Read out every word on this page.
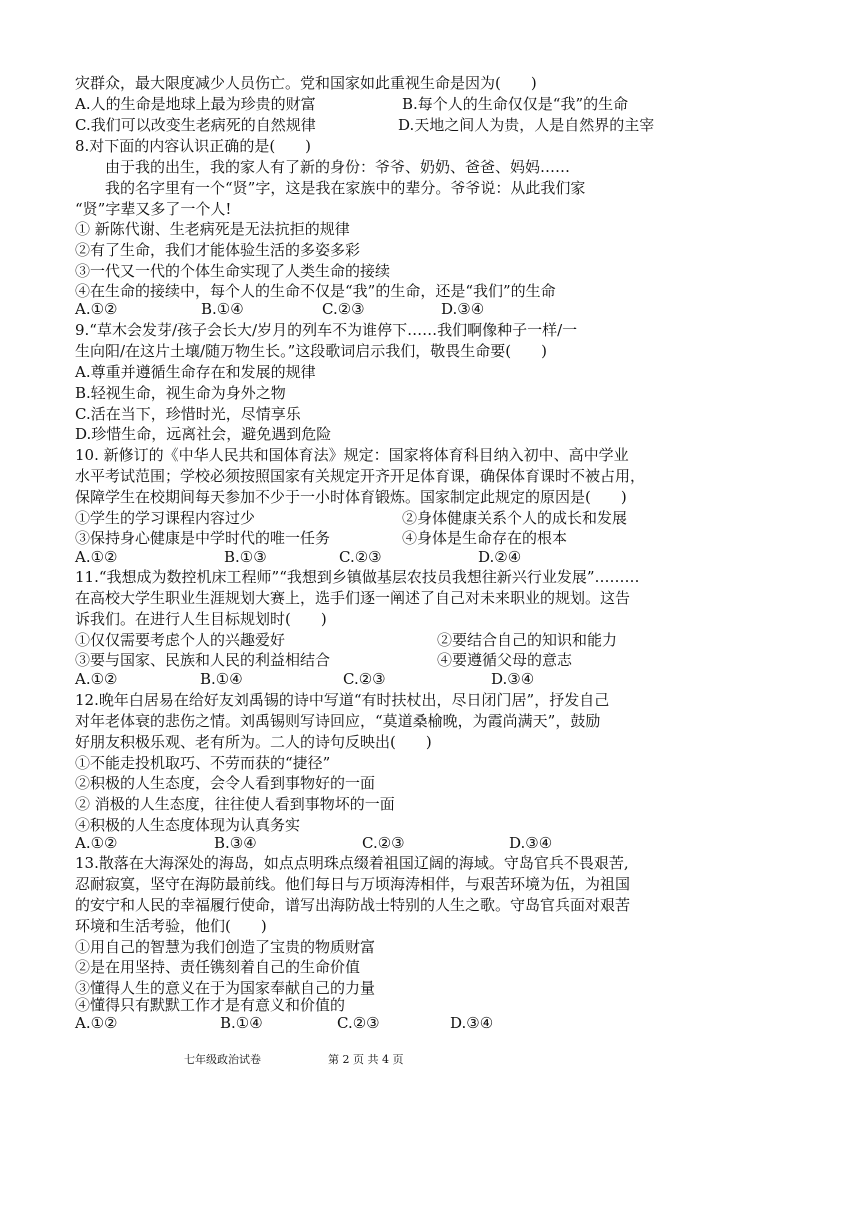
灾群众，最大限度减少人员伤亡。党和国家如此重视生命是因为(　　)
A.人的生命是地球上最为珍贵的财富	B.每个人的生命仅仅是“我”的生命
C.我们可以改变生老病死的自然规律	D.天地之间人为贵，人是自然界的主宰
8.对下面的内容认识正确的是(　　)
由于我的出生，我的家人有了新的身份：爷爷、奶奶、爸爸、妈妈……
我的名字里有一个“贤”字，这是我在家族中的辈分。爷爷说：从此我们家
“贤”字辈又多了一个人!
① 新陈代谢、生老病死是无法抗拒的规律
②有了生命，我们才能体验生活的多姿多彩
③一代又一代的个体生命实现了人类生命的接续
④在生命的接续中，每个人的生命不仅是“我”的生命，还是“我们”的生命
A.①②	B.①④	C.②③	D.③④
9.“草木会发芽/孩子会长大/岁月的列车不为谁停下……我们啊像种子一样/一
生向阳/在这片土壤/随万物生长。”这段歌词启示我们，敬畏生命要(　　)
A.尊重并遵循生命存在和发展的规律
B.轻视生命，视生命为身外之物
C.活在当下，珍惜时光，尽情享乐
D.珍惜生命，远离社会，避免遇到危险
10. 新修订的《中华人民共和国体育法》规定：国家将体育科目纳入初中、高中学业
水平考试范围；学校必须按照国家有关规定开齐开足体育课，确保体育课时不被占用，
保障学生在校期间每天参加不少于一小时体育锻炼。国家制定此规定的原因是(　　)
①学生的学习课程内容过少	②身体健康关系个人的成长和发展
③保持身心健康是中学时代的唯一任务	④身体是生命存在的根本
A.①②	B.①③	C.②③	D.②④
11.“我想成为数控机床工程师”“我想到乡镇做基层农技员我想往新兴行业发展”………
在高校大学生职业生涯规划大赛上，选手们逐一阐述了自己对未来职业的规划。这告
诉我们。在进行人生目标规划时(　　)
①仅仅需要考虑个人的兴趣爱好	②要结合自己的知识和能力
③要与国家、民族和人民的利益相结合	④要遵循父母的意志
A.①②	B.①④	C.②③	D.③④
12.晚年白居易在给好友刘禹锡的诗中写道“有时扶杖出，尽日闭门居”，抒发自己
对年老体衰的悲伤之情。刘禹锡则写诗回应，“莫道桑榆晚，为霞尚满天”，鼓励
好朋友积极乐观、老有所为。二人的诗句反映出(　　)
①不能走投机取巧、不劳而获的“捷径”
②积极的人生态度，会令人看到事物好的一面
② 消极的人生态度，往往使人看到事物坏的一面
④积极的人生态度体现为认真务实
A.①②	B.③④	C.②③	D.③④
13.散落在大海深处的海岛，如点点明珠点缀着祖国辽阔的海域。守岛官兵不畏艰苦,
忍耐寂寞，坚守在海防最前线。他们每日与万顷海涛相伴，与艰苦环境为伍，为祖国
的安宁和人民的幸福履行使命，谱写出海防战士特别的人生之歌。守岛官兵面对艰苦
环境和生活考验，他们(　　)
①用自己的智慧为我们创造了宝贵的物质财富
②是在用坚持、责任镌刻着自己的生命价值
③懂得人生的意义在于为国家奉献自己的力量
④懂得只有默默工作才是有意义和价值的
A.①②	B.①④	C.②③	D.③④
七年级政治试卷	第 2 页 共 4 页
